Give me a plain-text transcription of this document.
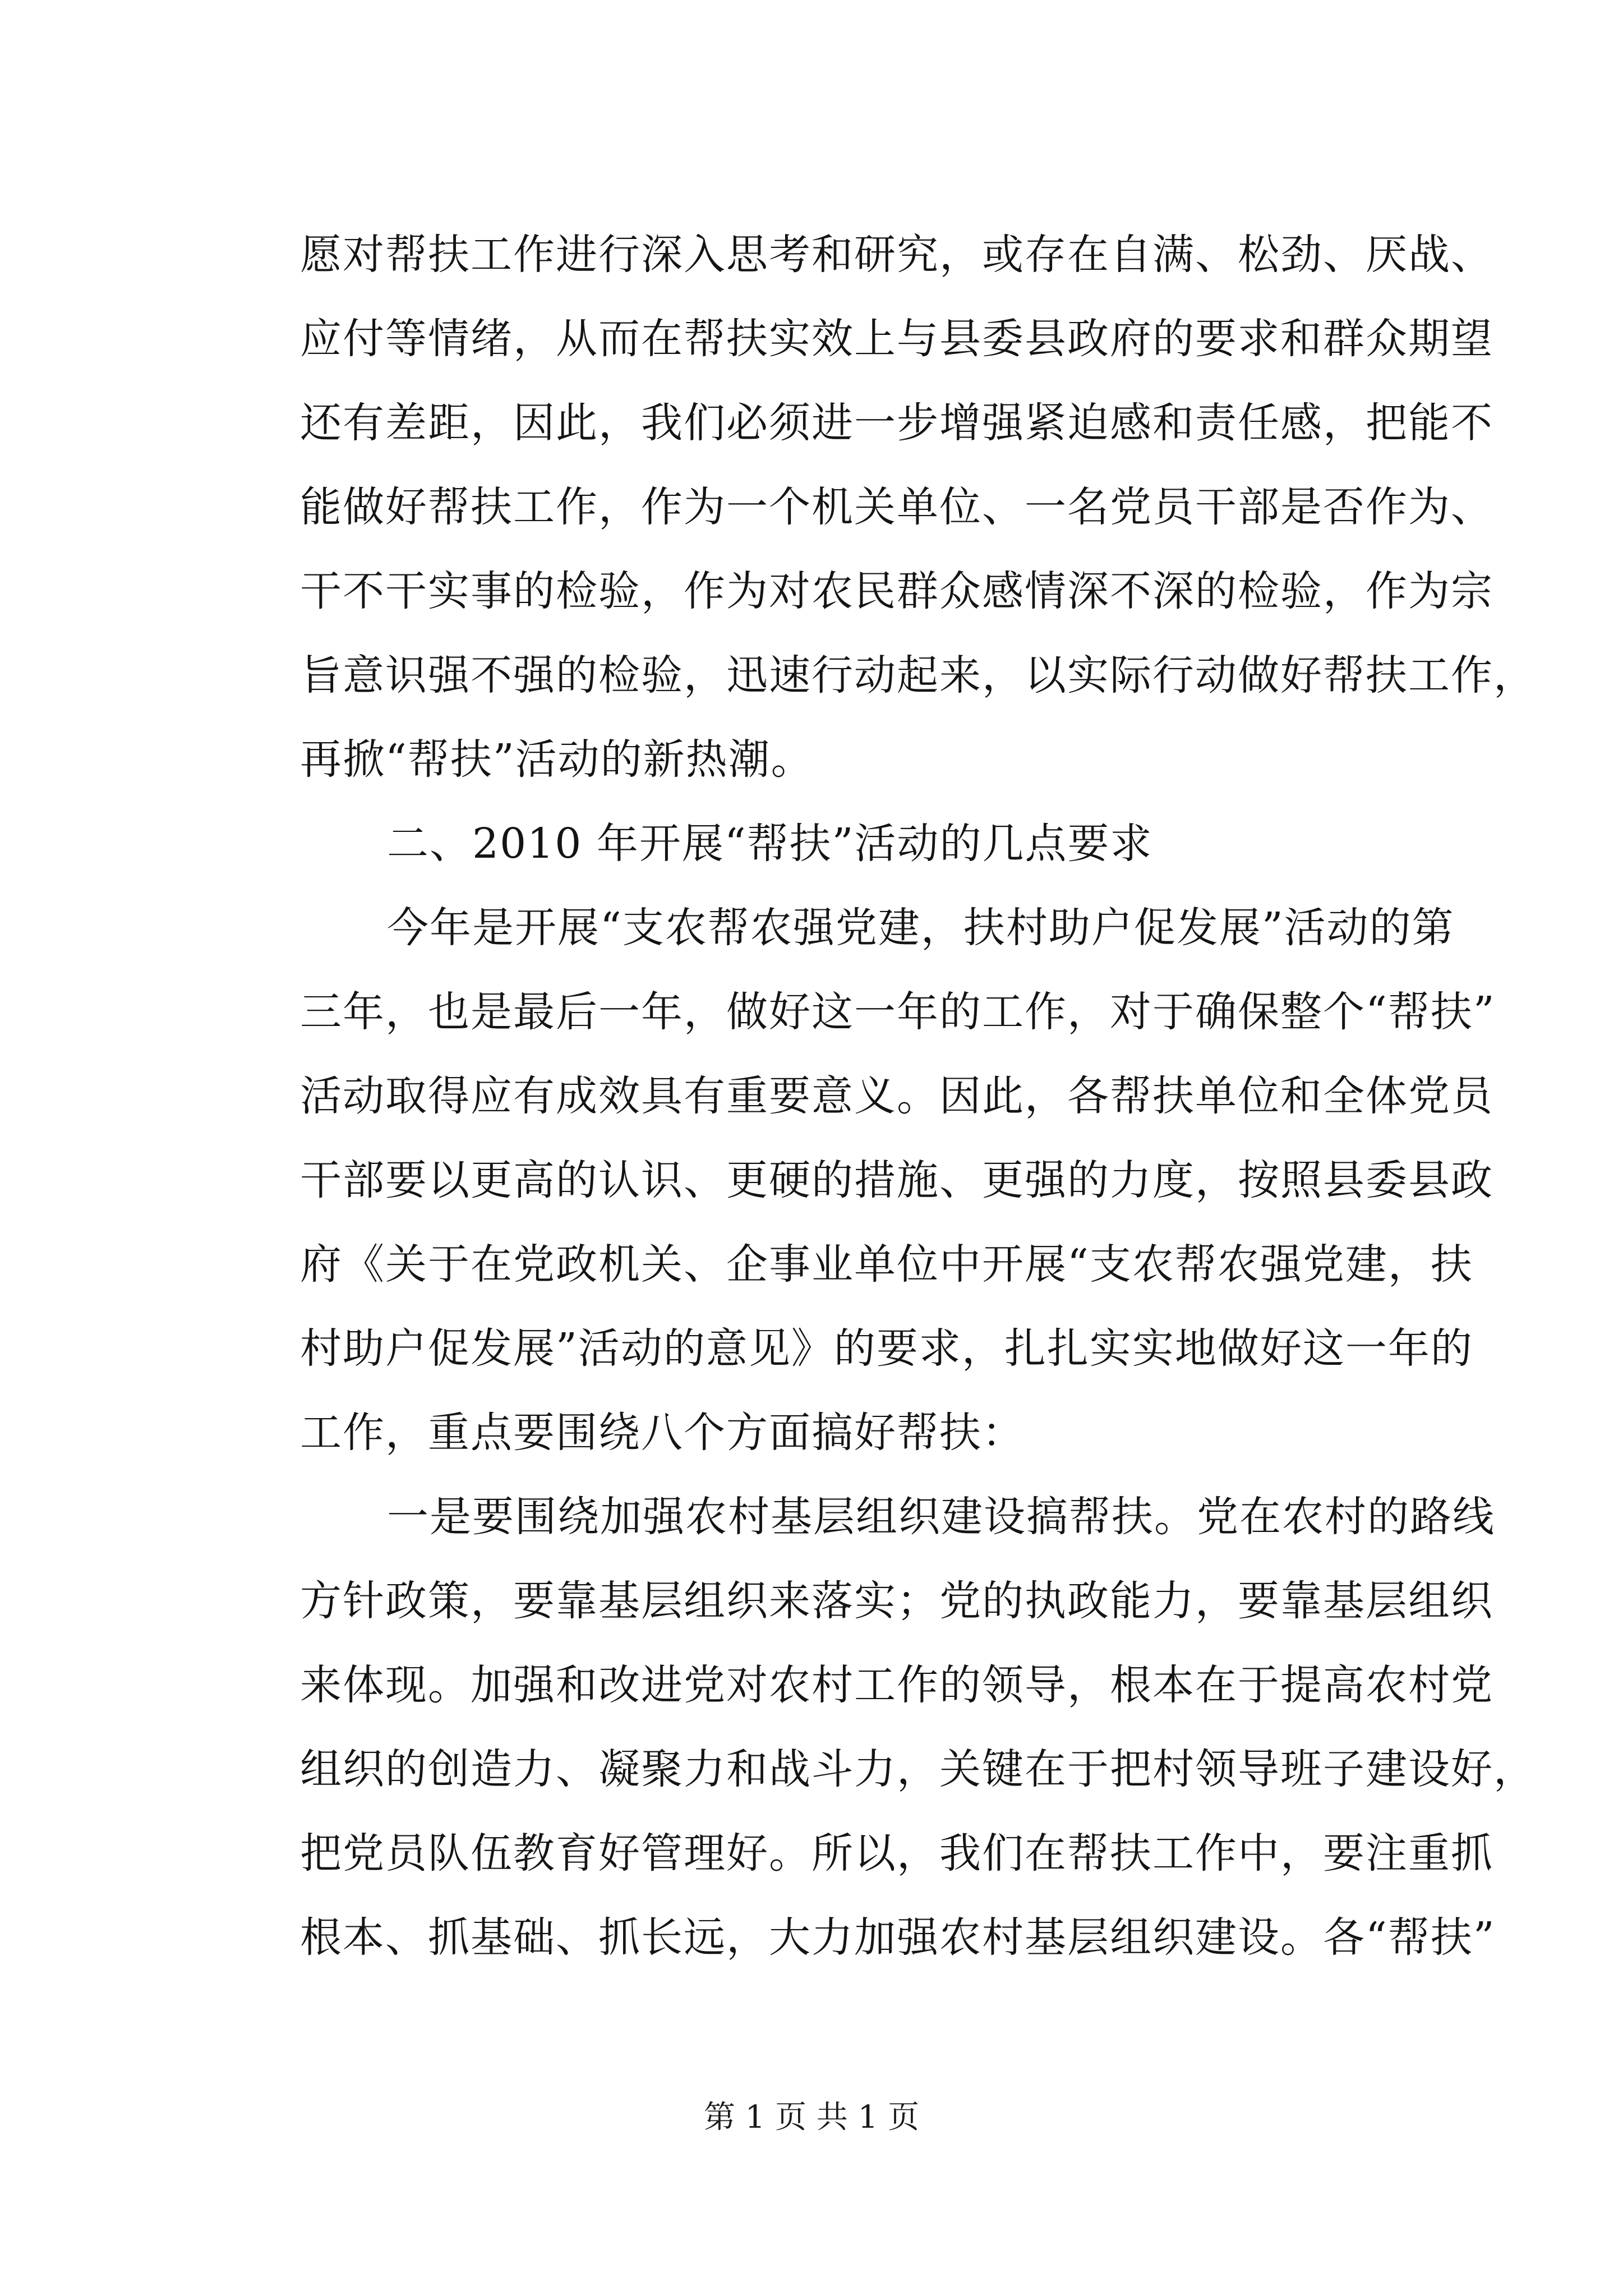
愿对帮扶工作进行深入思考和研究，或存在自满、松劲、厌战、
应付等情绪，从而在帮扶实效上与县委县政府的要求和群众期望
还有差距，因此，我们必须进一步增强紧迫感和责任感，把能不
能做好帮扶工作，作为一个机关单位、一名党员干部是否作为、
干不干实事的检验，作为对农民群众感情深不深的检验，作为宗
旨意识强不强的检验，迅速行动起来，以实际行动做好帮扶工作，
再掀“帮扶”活动的新热潮。
二、2010 年开展“帮扶”活动的几点要求
今年是开展“支农帮农强党建，扶村助户促发展”活动的第
三年，也是最后一年，做好这一年的工作，对于确保整个“帮扶”
活动取得应有成效具有重要意义。因此，各帮扶单位和全体党员
干部要以更高的认识、更硬的措施、更强的力度，按照县委县政
府《关于在党政机关、企事业单位中开展“支农帮农强党建，扶
村助户促发展”活动的意见》的要求，扎扎实实地做好这一年的
工作，重点要围绕八个方面搞好帮扶：
一是要围绕加强农村基层组织建设搞帮扶。党在农村的路线
方针政策，要靠基层组织来落实；党的执政能力，要靠基层组织
来体现。加强和改进党对农村工作的领导，根本在于提高农村党
组织的创造力、凝聚力和战斗力，关键在于把村领导班子建设好，
把党员队伍教育好管理好。所以，我们在帮扶工作中，要注重抓
根本、抓基础、抓长远，大力加强农村基层组织建设。各“帮扶”
第 1 页 共 1 页
